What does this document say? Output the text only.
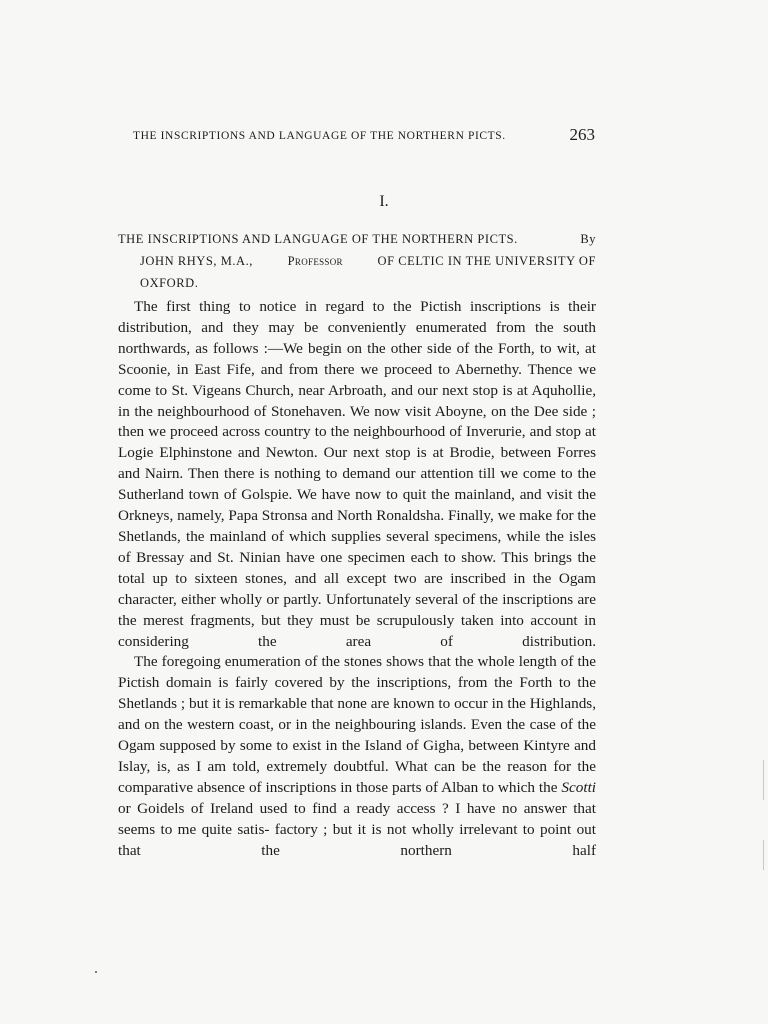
THE INSCRIPTIONS AND LANGUAGE OF THE NORTHERN PICTS.	263
I.
THE INSCRIPTIONS AND LANGUAGE OF THE NORTHERN PICTS.	By
JOHN RHYS, M.A.,	Professor	OF CELTIC IN THE UNIVERSITY OF
OXFORD.

The first thing to notice in regard to the Pictish inscriptions is their distribution, and they may be conveniently enumerated from the south northwards, as follows :—We begin on the other side of the Forth, to wit, at Scoonie, in East Fife, and from there we proceed to Abernethy. Thence we come to St. Vigeans Church, near Arbroath, and our next stop is at Aquhollie, in the neighbourhood of Stonehaven. We now visit Aboyne, on the Dee side ; then we proceed across country to the neighbourhood of Inverurie, and stop at Logie Elphinstone and Newton. Our next stop is at Brodie, between Forres and Nairn. Then there is nothing to demand our attention till we come to the Sutherland town of Golspie. We have now to quit the mainland, and visit the Orkneys, namely, Papa Stronsa and North Ronaldsha. Finally, we make for the Shetlands, the mainland of which supplies several specimens, while the isles of Bressay and St. Ninian have one specimen each to show. This brings the total up to sixteen stones, and all except two are inscribed in the Ogam character, either wholly or partly. Unfortunately several of the inscriptions are the merest fragments, but they must be scrupulously taken into account in considering the area of distribution.

The foregoing enumeration of the stones shows that the whole length of the Pictish domain is fairly covered by the inscriptions, from the Forth to the Shetlands ; but it is remarkable that none are known to occur in the Highlands, and on the western coast, or in the neighbouring islands. Even the case of the Ogam supposed by some to exist in the Island of Gigha, between Kintyre and Islay, is, as I am told, extremely doubtful. What can be the reason for the comparative absence of inscriptions in those parts of Alban to which the Scotti or Goidels of Ireland used to find a ready access ? I have no answer that seems to me quite satis- factory ; but it is not wholly irrelevant to point out that the northern half
